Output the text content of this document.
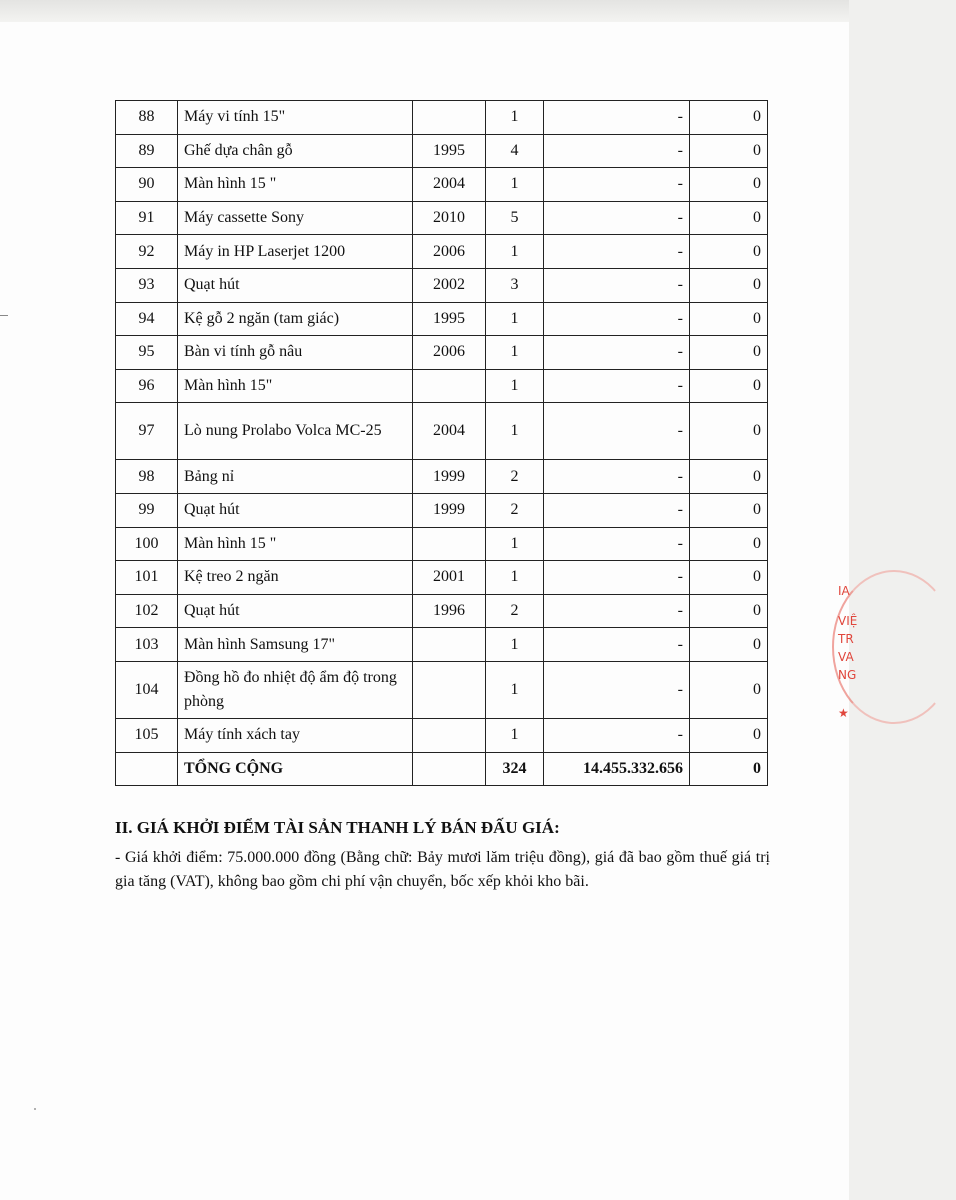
88	Máy vi tính 15"		1	-	0
89	Ghế dựa chân gỗ	1995	4	-	0
90	Màn hình 15 "	2004	1	-	0
91	Máy cassette Sony	2010	5	-	0
92	Máy in HP Laserjet 1200	2006	1	-	0
93	Quạt hút	2002	3	-	0
94	Kệ gỗ 2 ngăn (tam giác)	1995	1	-	0
95	Bàn vi tính gỗ nâu	2006	1	-	0
96	Màn hình 15"		1	-	0
97	Lò nung Prolabo Volca MC-25	2004	1	-	0
98	Bảng nỉ	1999	2	-	0
99	Quạt hút	1999	2	-	0
100	Màn hình 15 "		1	-	0
101	Kệ treo 2 ngăn	2001	1	-	0
102	Quạt hút	1996	2	-	0
103	Màn hình Samsung 17"		1	-	0
104	Đồng hồ đo nhiệt độ ẩm độ trong phòng		1	-	0
105	Máy tính xách tay		1	-	0
	TỔNG CỘNG		324	14.455.332.656	0
II. GIÁ KHỞI ĐIỂM TÀI SẢN THANH LÝ BÁN ĐẤU GIÁ:

- Giá khởi điểm: 75.000.000 đồng (Bằng chữ: Bảy mươi lăm triệu đồng), giá đã bao gồm thuế giá trị gia tăng (VAT), không bao gồm chi phí vận chuyển, bốc xếp khỏi kho bãi.

IA
VIỆ
TR
VA
NG
★
